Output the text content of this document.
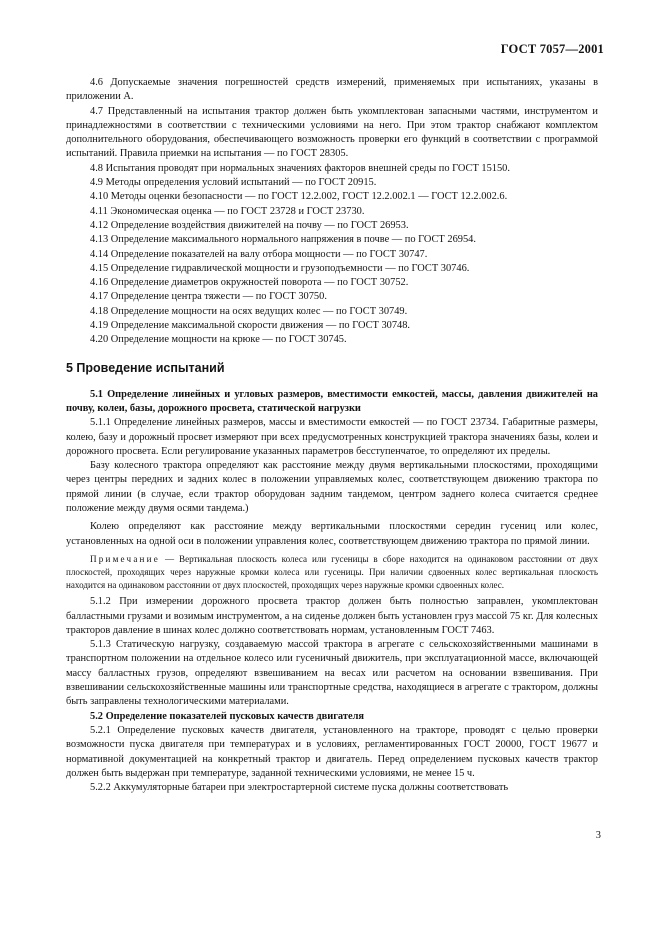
ГОСТ 7057—2001

4.6 Допускаемые значения погрешностей средств измерений, применяемых при испытаниях, указаны в приложении А.

4.7 Представленный на испытания трактор должен быть укомплектован запасными частями, инструментом и принадлежностями в соответствии с техническими условиями на него. При этом трактор снабжают комплектом дополнительного оборудования, обеспечивающего возможность проверки его функций в соответствии с программой испытаний. Правила приемки на испытания — по ГОСТ 28305.

4.8 Испытания проводят при нормальных значениях факторов внешней среды по ГОСТ 15150.

4.9 Методы определения условий испытаний — по ГОСТ 20915.

4.10 Методы оценки безопасности — по ГОСТ 12.2.002, ГОСТ 12.2.002.1 — ГОСТ 12.2.002.6.

4.11 Экономическая оценка — по ГОСТ 23728 и ГОСТ 23730.

4.12 Определение воздействия движителей на почву — по ГОСТ 26953.

4.13 Определение максимального нормального напряжения в почве — по ГОСТ 26954.

4.14 Определение показателей на валу отбора мощности — по ГОСТ 30747.

4.15 Определение гидравлической мощности и грузоподъемности — по ГОСТ 30746.

4.16 Определение диаметров окружностей поворота — по ГОСТ 30752.

4.17 Определение центра тяжести — по ГОСТ 30750.

4.18 Определение мощности на осях ведущих колес — по ГОСТ 30749.

4.19 Определение максимальной скорости движения — по ГОСТ 30748.

4.20 Определение мощности на крюке — по ГОСТ 30745.

5 Проведение испытаний

5.1 Определение линейных и угловых размеров, вместимости емкостей, массы, давления движителей на почву, колеи, базы, дорожного просвета, статической нагрузки

5.1.1 Определение линейных размеров, массы и вместимости емкостей — по ГОСТ 23734. Габаритные размеры, колею, базу и дорожный просвет измеряют при всех предусмотренных конструкцией трактора значениях базы, колеи и дорожного просвета. Если регулирование указанных параметров бесступенчатое, то определяют их пределы.

Базу колесного трактора определяют как расстояние между двумя вертикальными плоскостями, проходящими через центры передних и задних колес в положении управляемых колес, соответствующем движению трактора по прямой линии (в случае, если трактор оборудован задним тандемом, центром заднего колеса считается среднее положение между двумя осями тандема.)

Колею определяют как расстояние между вертикальными плоскостями середин гусениц или колес, установленных на одной оси в положении управления колес, соответствующем движению трактора по прямой линии.

Примечание — Вертикальная плоскость колеса или гусеницы в сборе находится на одинаковом расстоянии от двух плоскостей, проходящих через наружные кромки колеса или гусеницы. При наличии сдвоенных колес вертикальная плоскость находится на одинаковом расстоянии от двух плоскостей, проходящих через наружные кромки сдвоенных колес.

5.1.2 При измерении дорожного просвета трактор должен быть полностью заправлен, укомплектован балластными грузами и возимым инструментом, а на сиденье должен быть установлен груз массой 75 кг. Для колесных тракторов давление в шинах колес должно соответствовать нормам, установленным ГОСТ 7463.

5.1.3 Статическую нагрузку, создаваемую массой трактора в агрегате с сельскохозяйственными машинами в транспортном положении на отдельное колесо или гусеничный движитель, при эксплуатационной массе, включающей массу балластных грузов, определяют взвешиванием на весах или расчетом на основании взвешивания. При взвешивании сельскохозяйственные машины или транспортные средства, находящиеся в агрегате с трактором, должны быть заправлены технологическими материалами.

5.2 Определение показателей пусковых качеств двигателя

5.2.1 Определение пусковых качеств двигателя, установленного на тракторе, проводят с целью проверки возможности пуска двигателя при температурах и в условиях, регламентированных ГОСТ 20000, ГОСТ 19677 и нормативной документацией на конкретный трактор и двигатель. Перед определением пусковых качеств трактор должен быть выдержан при температуре, заданной техническими условиями, не менее 15 ч.

5.2.2 Аккумуляторные батареи при электростартерной системе пуска должны соответствовать

3
